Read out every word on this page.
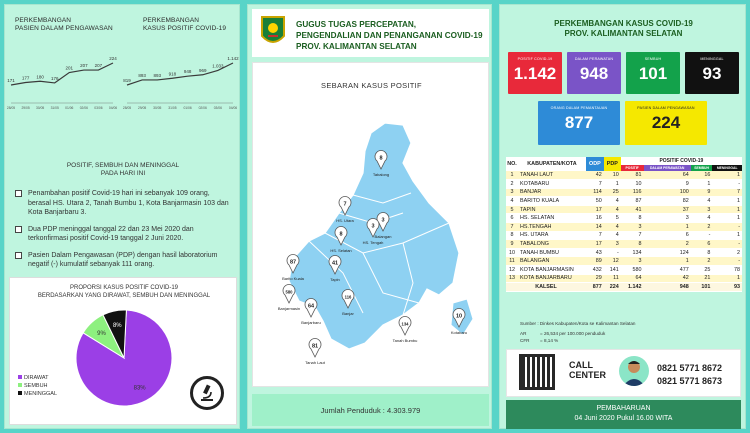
PERKEMBANGAN
PASIEN DALAM PENGAWASAN
PERKEMBANGAN
KASUS POSITIF COVID-19
171
28/05
177
29/05
180
30/05
176
31/05
201
01/06
207
02/06
207
03/06
224
04/06
819
28/05
893
29/05
893
30/05
918
31/05
948
01/06
969
02/06
1.033
03/06
1.142
04/06
POSITIF, SEMBUH DAN MENINGGAL
PADA HARI INI
Penambahan positif Covid-19 hari ini sebanyak 109 orang, berasal HS. Utara 2, Tanah Bumbu 1, Kota Banjarmasin 103 dan Kota Banjarbaru 3.
Dua PDP meninggal tanggal 22 dan 23 Mei 2020 dan terkonfirmasi positif Covid-19 tanggal 2 Juni 2020.
Pasien Dalam Pengawasan (PDP) dengan hasil laboratorium negatif (-) kumulatif sebanyak 111 orang.
PROPORSI KASUS POSITIF COVID-19
BERDASARKAN YANG DIRAWAT, SEMBUH DAN MENINGGAL
83%
9%
8%
DIRAWAT
SEMBUH
MENINGGAL
GUGUS TUGAS PERCEPATAN,
PENGENDALIAN DAN PENANGANAN COVID-19
PROV. KALIMANTAN SELATAN
SEBARAN KASUS POSITIF
8
Tabalong
7
HS. Utara	3
Balangan
3
HS. Tengah
8
HS. Selatan
87
Barito Kuala
41
Tapin
580
Banjarmasin 64
Banjarbaru
116
Banjar
134
Tanah Bumbu
10
Kotabaru
81
Tanah Laut
Jumlah Penduduk : 4.303.979
PERKEMBANGAN KASUS COVID-19
PROV. KALIMANTAN SELATAN
POSITIF COVID-19
1.142
DALAM PERAWATAN
948
SEMBUH
101
MENINGGAL
93
ORANG DALAM PEMANTAUAN
877
PASIEN DALAM PENGAWASAN
224
NO.	KABUPATEN/KOTA	ODP	PDP	POSITIF COVID-19			
				POSITIF	DALAM PERAWATAN	SEMBUH	MENINGGAL
1	TANAH LAUT	42	10	81	64	16	1
2	KOTABARU	7	1	10	9	1	-
3	BANJAR	114	25	116	100	9	7
4	BARITO KUALA	50	4	87	82	4	1
5	TAPIN	17	4	41	37	3	1
6	HS. SELATAN	16	5	8	3	4	1
7	HS.TENGAH	14	4	3	1	2	-
8	HS. UTARA	7	4	7	6	-	1
9	TABALONG	17	3	8	2	6	-
10	TANAH BUMBU	43	-	134	124	8	2
11	BALANGAN	89	12	3	1	2	-
12	KOTA BANJARMASIN	432	141	580	477	25	78
13	KOTA BANJARBARU	29	11	64	42	21	1
KALSEL		877	224	1.142	948	101	93
Sumber : Dinkes Kabupaten/Kota se Kalimantan Selatan
AR	= 26,534 per 100.000 penduduk
CFR = 8,14 %
CALL
CENTER
0821 5771 8672
0821 5771 8673
PEMBAHARUAN
04 Juni 2020 Pukul 16.00 WITA
